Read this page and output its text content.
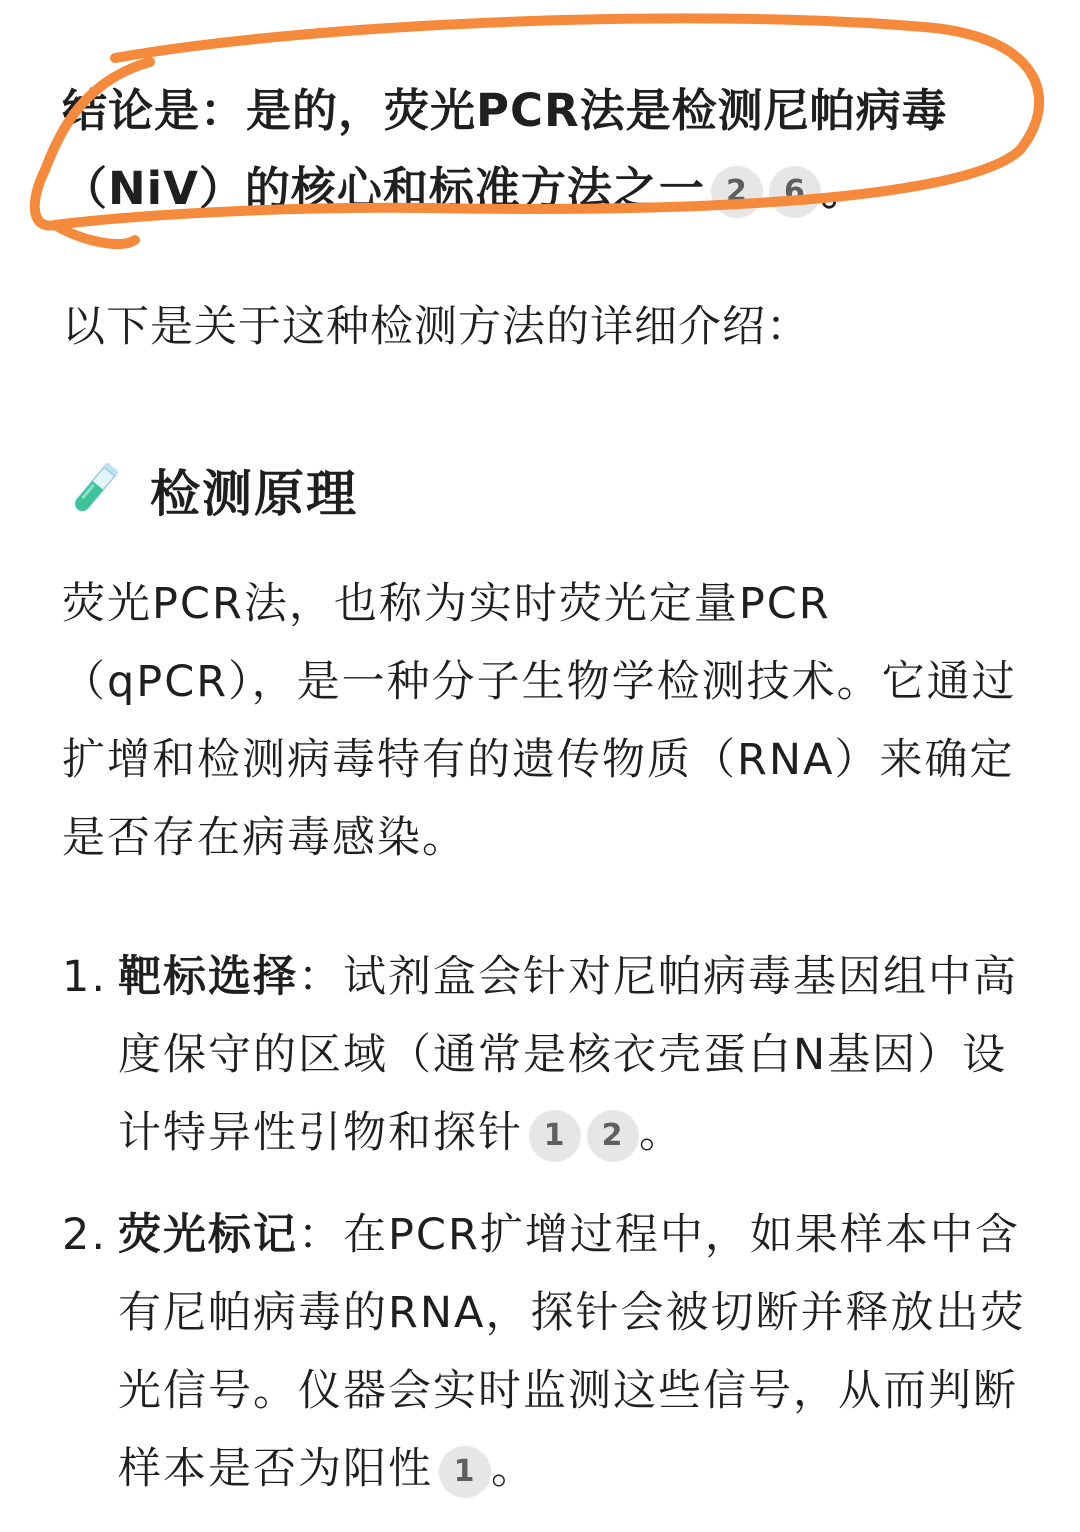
结论是：是的，荧光PCR法是检测尼帕病毒（NiV）的核心和标准方法之一 2 6 。
以下是关于这种检测方法的详细介绍：
检测原理
荧光PCR法，也称为实时荧光定量PCR（qPCR），是一种分子生物学检测技术。它通过扩增和检测病毒特有的遗传物质（RNA）来确定是否存在病毒感染。
1. 靶标选择：试剂盒会针对尼帕病毒基因组中高度保守的区域（通常是核衣壳蛋白N基因）设计特异性引物和探针 1 2 。
2. 荧光标记：在PCR扩增过程中，如果样本中含有尼帕病毒的RNA，探针会被切断并释放出荧光信号。仪器会实时监测这些信号，从而判断样本是否为阳性 1 。
